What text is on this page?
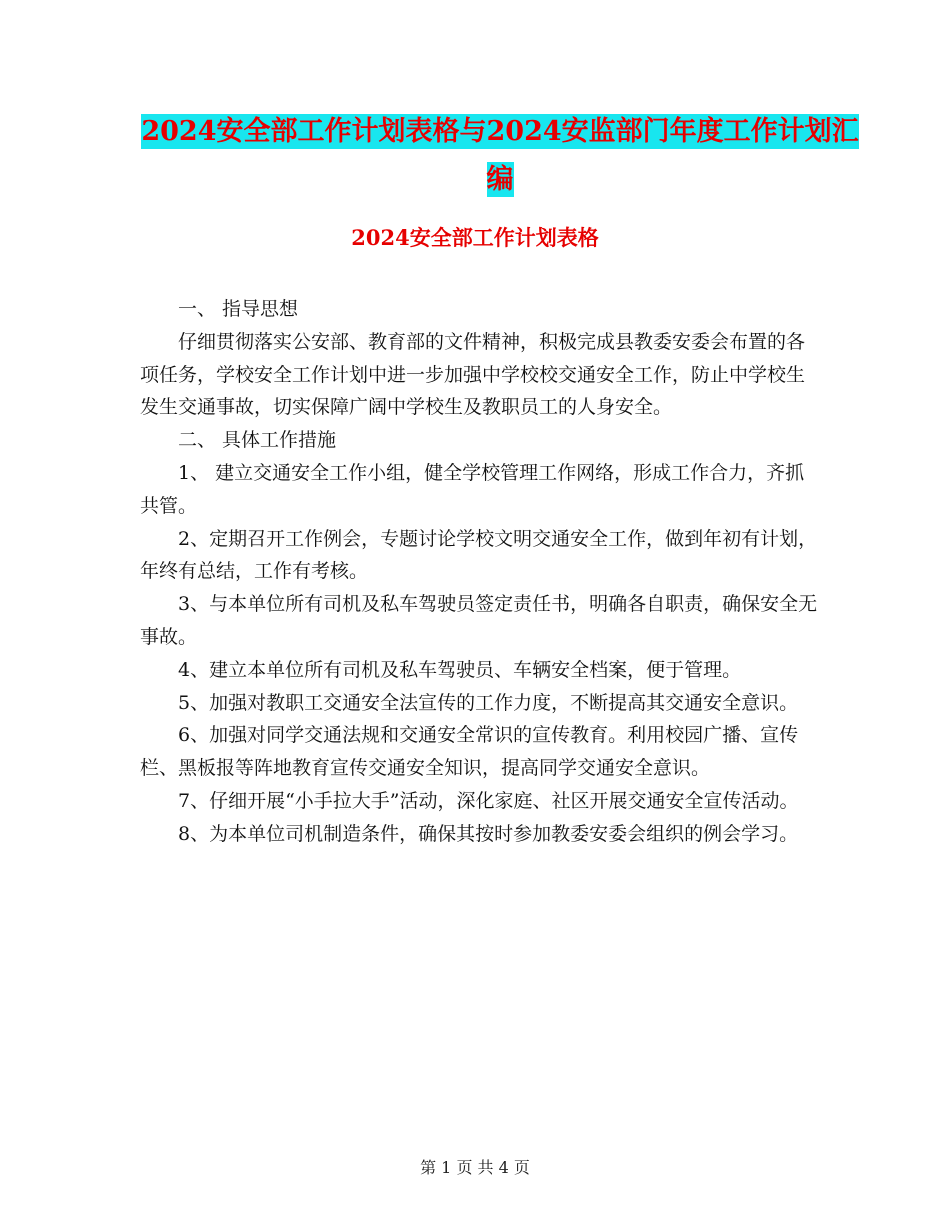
2024安全部工作计划表格与2024安监部门年度工作计划汇编
2024安全部工作计划表格

一、 指导思想

仔细贯彻落实公安部、教育部的文件精神，积极完成县教委安委会布置的各项任务，学校安全工作计划中进一步加强中学校校交通安全工作，防止中学校生发生交通事故，切实保障广阔中学校生及教职员工的人身安全。

二、 具体工作措施

1、 建立交通安全工作小组，健全学校管理工作网络，形成工作合力，齐抓共管。

2、定期召开工作例会，专题讨论学校文明交通安全工作，做到年初有计划，年终有总结，工作有考核。

3、与本单位所有司机及私车驾驶员签定责任书，明确各自职责，确保安全无事故。

4、建立本单位所有司机及私车驾驶员、车辆安全档案，便于管理。

5、加强对教职工交通安全法宣传的工作力度，不断提高其交通安全意识。

6、加强对同学交通法规和交通安全常识的宣传教育。利用校园广播、宣传栏、黑板报等阵地教育宣传交通安全知识，提高同学交通安全意识。

7、仔细开展“小手拉大手”活动，深化家庭、社区开展交通安全宣传活动。

8、为本单位司机制造条件，确保其按时参加教委安委会组织的例会学习。

第 1 页 共 4 页
